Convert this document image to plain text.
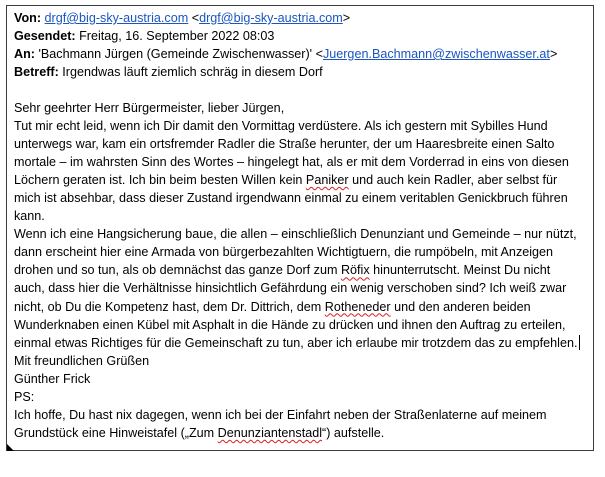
Von: drgf@big-sky-austria.com <drgf@big-sky-austria.com>
Gesendet: Freitag, 16. September 2022 08:03
An: 'Bachmann Jürgen (Gemeinde Zwischenwasser)' <Juergen.Bachmann@zwischenwasser.at>
Betreff: Irgendwas läuft ziemlich schräg in diesem Dorf
Sehr geehrter Herr Bürgermeister, lieber Jürgen,
Tut mir echt leid, wenn ich Dir damit den Vormittag verdüstere. Als ich gestern mit Sybilles Hund
unterwegs war, kam ein ortsfremder Radler die Straße herunter, der um Haaresbreite einen Salto
mortale – im wahrsten Sinn des Wortes – hingelegt hat, als er mit dem Vorderrad in eins von diesen
Löchern geraten ist. Ich bin beim besten Willen kein Paniker und auch kein Radler, aber selbst für
mich ist absehbar, dass dieser Zustand irgendwann einmal zu einem veritablen Genickbruch führen
kann.
Wenn ich eine Hangsicherung baue, die allen – einschließlich Denunziant und Gemeinde – nur nützt,
dann erscheint hier eine Armada von bürgerbezahlten Wichtigtuern, die rumpöbeln, mit Anzeigen
drohen und so tun, als ob demnächst das ganze Dorf zum Röfix hinunterrutscht. Meinst Du nicht
auch, dass hier die Verhältnisse hinsichtlich Gefährdung ein wenig verschoben sind? Ich weiß zwar
nicht, ob Du die Kompetenz hast, dem Dr. Dittrich, dem Rotheneder und den anderen beiden
Wunderknaben einen Kübel mit Asphalt in die Hände zu drücken und ihnen den Auftrag zu erteilen,
einmal etwas Richtiges für die Gemeinschaft zu tun, aber ich erlaube mir trotzdem das zu empfehlen.
Mit freundlichen Grüßen
Günther Frick
PS:
Ich hoffe, Du hast nix dagegen, wenn ich bei der Einfahrt neben der Straßenlaterne auf meinem
Grundstück eine Hinweistafel („Zum Denunziantenstadl“) aufstelle.
